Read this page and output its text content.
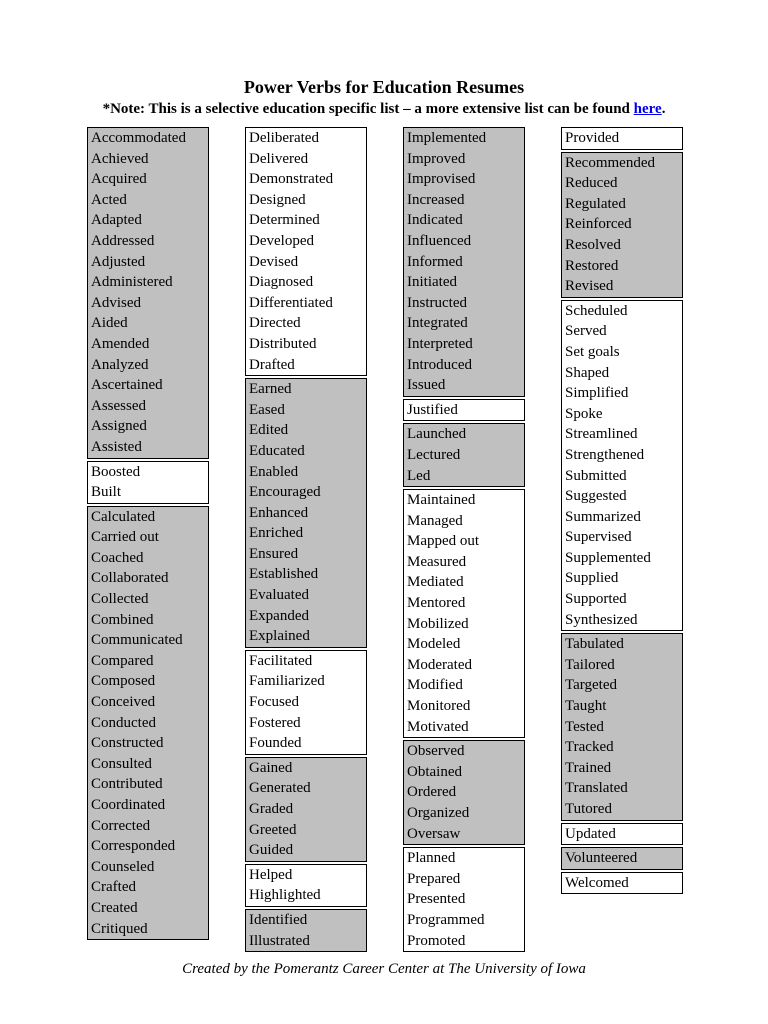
Power Verbs for Education Resumes
*Note: This is a selective education specific list – a more extensive list can be found here.
Accommodated
Achieved
Acquired
Acted
Adapted
Addressed
Adjusted
Administered
Advised
Aided
Amended
Analyzed
Ascertained
Assessed
Assigned
Assisted
Boosted
Built
Calculated
Carried out
Coached
Collaborated
Collected
Combined
Communicated
Compared
Composed
Conceived
Conducted
Constructed
Consulted
Contributed
Coordinated
Corrected
Corresponded
Counseled
Crafted
Created
Critiqued
Deliberated
Delivered
Demonstrated
Designed
Determined
Developed
Devised
Diagnosed
Differentiated
Directed
Distributed
Drafted
Earned
Eased
Edited
Educated
Enabled
Encouraged
Enhanced
Enriched
Ensured
Established
Evaluated
Expanded
Explained
Facilitated
Familiarized
Focused
Fostered
Founded
Gained
Generated
Graded
Greeted
Guided
Helped
Highlighted
Identified
Illustrated
Implemented
Improved
Improvised
Increased
Indicated
Influenced
Informed
Initiated
Instructed
Integrated
Interpreted
Introduced
Issued
Justified
Launched
Lectured
Led
Maintained
Managed
Mapped out
Measured
Mediated
Mentored
Mobilized
Modeled
Moderated
Modified
Monitored
Motivated
Observed
Obtained
Ordered
Organized
Oversaw
Planned
Prepared
Presented
Programmed
Promoted
Provided
Recommended
Reduced
Regulated
Reinforced
Resolved
Restored
Revised
Scheduled
Served
Set goals
Shaped
Simplified
Spoke
Streamlined
Strengthened
Submitted
Suggested
Summarized
Supervised
Supplemented
Supplied
Supported
Synthesized
Tabulated
Tailored
Targeted
Taught
Tested
Tracked
Trained
Translated
Tutored
Updated
Volunteered
Welcomed
Created by the Pomerantz Career Center at The University of Iowa
